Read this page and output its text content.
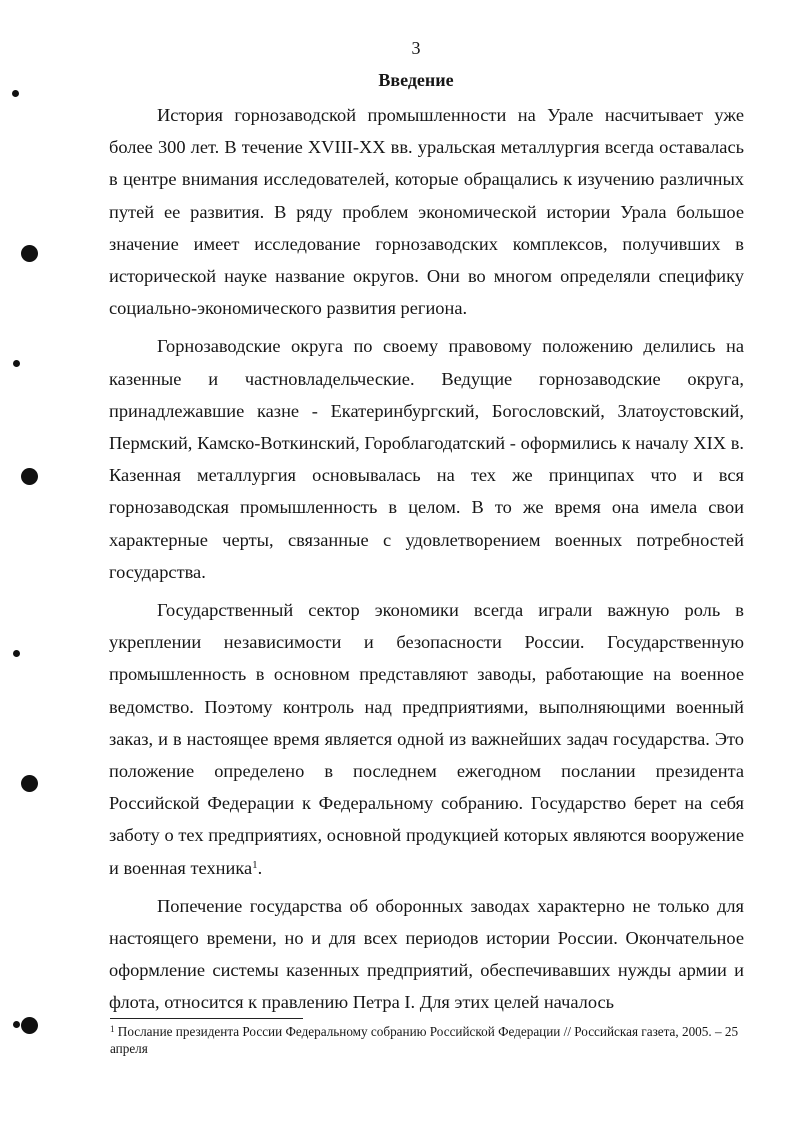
3
Введение

История горнозаводской промышленности на Урале насчитывает уже более 300 лет. В течение XVIII-XX вв. уральская металлургия всегда оставалась в центре внимания исследователей, которые обращались к изучению различных путей ее развития. В ряду проблем экономической истории Урала большое значение имеет исследование горнозаводских комплексов, получивших в исторической науке название округов. Они во многом определяли специфику социально-экономического развития региона.

Горнозаводские округа по своему правовому положению делились на казенные и частновладельческие. Ведущие горнозаводские округа, принадлежавшие казне - Екатеринбургский, Богословский, Златоустовский, Пермский, Камско-Воткинский, Гороблагодатский - оформились к началу XIX в. Казенная металлургия основывалась на тех же принципах что и вся горнозаводская промышленность в целом. В то же время она имела свои характерные черты, связанные с удовлетворением военных потребностей государства.

Государственный сектор экономики всегда играли важную роль в укреплении независимости и безопасности России. Государственную промышленность в основном представляют заводы, работающие на военное ведомство. Поэтому контроль над предприятиями, выполняющими военный заказ, и в настоящее время является одной из важнейших задач государства. Это положение определено в последнем ежегодном послании президента Российской Федерации к Федеральному собранию. Государство берет на себя заботу о тех предприятиях, основной продукцией которых являются вооружение и военная техника$^1$.

Попечение государства об оборонных заводах характерно не только для настоящего времени, но и для всех периодов истории России. Окончательное оформление системы казенных предприятий, обеспечивавших нужды армии и флота, относится к правлению Петра I. Для этих целей началось

$^1$ Послание президента России Федеральному собранию Российской Федерации // Российская газета, 2005. – 25 апреля
